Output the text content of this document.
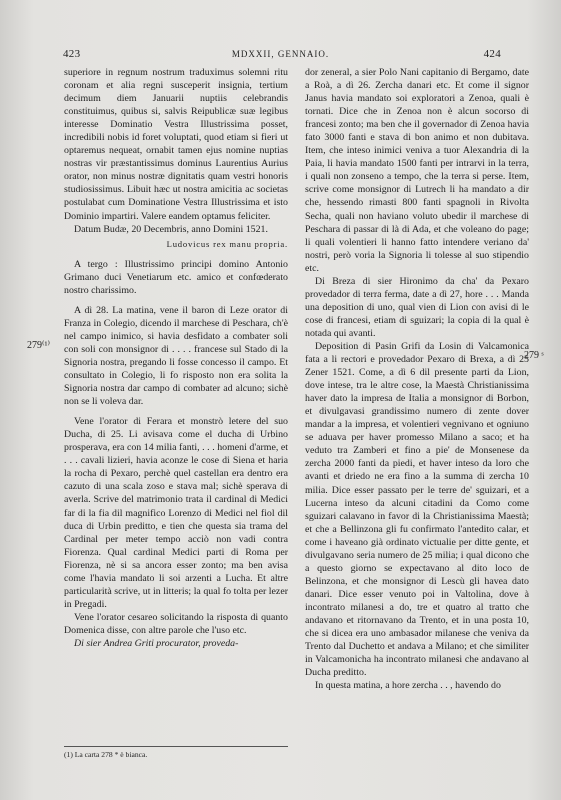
423	MDXXII, GENNAIO.	424
279⁽¹⁾
279 ˢ

superiore in regnum nostrum traduximus solemni ritu coronam et alia regni susceperit insignia, tertium decimum diem Januarii nuptiis celebrandis constituimus, quibus si, salvis Reipublicæ suæ legibus interesse Dominatio Vestra Illustrissima posset, incredibili nobis id foret voluptati, quod etiam si fieri ut optaremus nequeat, ornabit tamen ejus nomine nuptias nostras vir præstantissimus dominus Laurentius Aurius orator, non minus nostræ dignitatis quam vestri honoris studiosissimus. Libuit hæc ut nostra amicitia ac societas postulabat cum Dominatione Vestra Illustrissima et isto Dominio impartiri. Valere eandem optamus feliciter.

Datum Budæ, 20 Decembris, anno Domini 1521.

Ludovicus rex manu propria.

A tergo : Illustrissimo principi domino Antonio Grimano duci Venetiarum etc. amico et confœderato nostro charissimo.

A dì 28. La matina, vene il baron di Leze orator di Franza in Colegio, dicendo il marchese di Peschara, ch'è nel campo inimico, si havia desfidato a combater soli con soli con monsignor di . . . . francese sul Stado di la Signoria nostra, pregando li fosse concesso il campo. Et consultato in Colegio, li fo risposto non era solita la Signoria nostra dar campo di combater ad alcuno; sichè non se li voleva dar.

Vene l'orator di Ferara et monstrò letere del suo Ducha, di 25. Li avisava come el ducha di Urbino prosperava, era con 14 milia fanti, . . . homeni d'arme, et . . . cavali lizieri, havia aconze le cose di Siena et haria la rocha di Pexaro, perchè quel castellan era dentro era cazuto di una scala zoso e stava mal; sichè sperava di averla. Scrive del matrimonio trata il cardinal di Medici far di la fia dil magnifico Lorenzo di Medici nel fiol dil duca di Urbin preditto, e tien che questa sia trama del Cardinal per meter tempo acciò non vadi contra Fiorenza. Qual cardinal Medici parti di Roma per Fiorenza, nè si sa ancora esser zonto; ma ben avisa come l'havia mandato li soi arzenti a Lucha. Et altre particularità scrive, ut in litteris; la qual fo tolta per lezer in Pregadi.

Vene l'orator cesareo solicitando la risposta di quanto Domenica disse, con altre parole che l'uso etc.

Di sier Andrea Griti procurator, proveda-

dor zeneral, a sier Polo Nani capitanio di Bergamo, date a Roà, a dì 26. Zercha danari etc. Et come il signor Janus havia mandato soi exploratori a Zenoa, quali è tornati. Dice che in Zenoa non è alcun socorso di francesi zonto; ma ben che il governador di Zenoa havia fato 3000 fanti e stava di bon animo et non dubitava. Item, che inteso inimici veniva a tuor Alexandria di la Paia, li havia mandato 1500 fanti per intrarvi in la terra, i quali non zonseno a tempo, che la terra si perse. Item, scrive come monsignor di Lutrech li ha mandato a dir che, hessendo rimasti 800 fanti spagnoli in Rivolta Secha, quali non haviano voluto ubedir il marchese di Peschara di passar di là di Ada, et che voleano do page; li quali volentieri li hanno fatto intendere veriano da' nostri, però voria la Signoria li tolesse al suo stipendio etc.

Di Breza di sier Hironimo da cha' da Pexaro provedador di terra ferma, date a dì 27, hore . . . Manda una deposition di uno, qual vien di Lion con avisi di le cose di francesi, etiam di sguizari; la copia di la qual è notada qui avanti.

Deposition di Pasin Grifi da Losin di Valcamonica fata a li rectori e provedador Pexaro di Brexa, a dì 25 Zener 1521. Come, a dì 6 dil presente parti da Lion, dove intese, tra le altre cose, la Maestà Christianissima haver dato la impresa de Italia a monsignor di Borbon, et divulgavasi grandissimo numero di zente dover mandar a la impresa, et volentieri vegnivano et ogniuno se aduava per haver promesso Milano a saco; et ha veduto tra Zamberi et fino a pie' de Monsenese da zercha 2000 fanti da piedi, et haver inteso da loro che avanti et driedo ne era fino a la summa di zercha 10 milia. Dice esser passato per le terre de' sguizari, et a Lucerna inteso da alcuni citadini da Como come sguizari calavano in favor di la Christianissima Maestà; et che a Bellinzona gli fu confirmato l'antedito calar, et come i haveano già ordinato victualie per ditte gente, et divulgavano seria numero de 25 milia; i qual dicono che a questo giorno se expectavano al dito loco de Belinzona, et che monsignor di Lescù gli havea dato danari. Dice esser venuto poi in Valtolina, dove à incontrato milanesi a do, tre et quatro al tratto che andavano et ritornavano da Trento, et in una posta 10, che si dicea era uno ambasador milanese che veniva da Trento dal Duchetto et andava a Milano; et che similiter in Valcamonicha ha incontrato milanesi che andavano al Ducha preditto.

In questa matina, a hore zercha . . , havendo do

(1) La carta 278 * è bianca.
